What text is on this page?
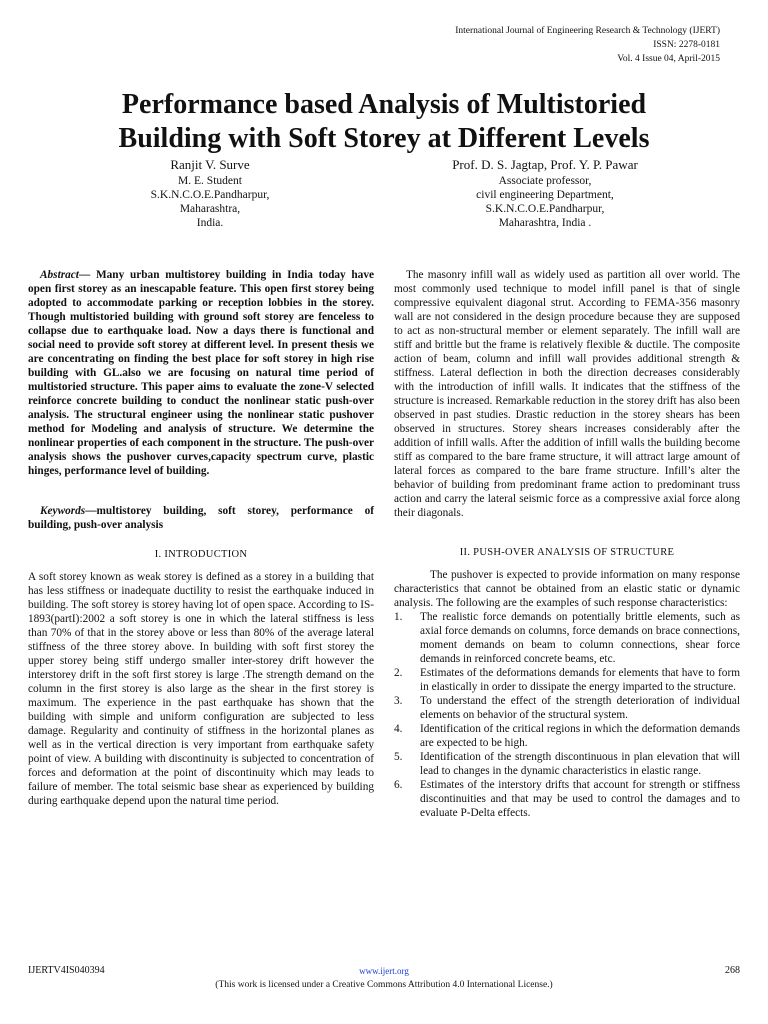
International Journal of Engineering Research & Technology (IJERT)
ISSN: 2278-0181
Vol. 4 Issue 04, April-2015
Performance based Analysis of Multistoried
Building with Soft Storey at Different Levels
Ranjit V. Surve
M. E. Student
S.K.N.C.O.E.Pandharpur,
Maharashtra,
India.
Prof. D. S. Jagtap, Prof. Y. P. Pawar
Associate professor,
civil engineering Department,
S.K.N.C.O.E.Pandharpur,
Maharashtra, India .

Abstract— Many urban multistorey building in India today have open first storey as an inescapable feature. This open first storey being adopted to accommodate parking or reception lobbies in the storey. Though multistoried building with ground soft storey are fenceless to collapse due to earthquake load. Now a days there is functional and social need to provide soft storey at different level. In present thesis we are concentrating on finding the best place for soft storey in high rise building with GL.also we are focusing on natural time period of multistoried structure. This paper aims to evaluate the zone-V selected reinforce concrete building to conduct the nonlinear static push-over analysis. The structural engineer using the nonlinear static pushover method for Modeling and analysis of structure. We determine the nonlinear properties of each component in the structure. The push-over analysis shows the pushover curves,capacity spectrum curve, plastic hinges, performance level of building.

Keywords—multistorey building, soft storey, performance of building, push-over analysis

I. INTRODUCTION

A soft storey known as weak storey is defined as a storey in a building that has less stiffness or inadequate ductility to resist the earthquake induced in building. The soft storey is storey having lot of open space. According to IS-1893(partI):2002 a soft storey is one in which the lateral stiffness is less than 70% of that in the storey above or less than 80% of the average lateral stiffness of the three storey above. In building with soft first storey the upper storey being stiff undergo smaller inter-storey drift however the interstorey drift in the soft first storey is large .The strength demand on the column in the first storey is also large as the shear in the first storey is maximum. The experience in the past earthquake has shown that the building with simple and uniform configuration are subjected to less damage. Regularity and continuity of stiffness in the horizontal planes as well as in the vertical direction is very important from earthquake safety point of view. A building with discontinuity is subjected to concentration of forces and deformation at the point of discontinuity which may leads to failure of member. The total seismic base shear as experienced by building during earthquake depend upon the natural time period.

The masonry infill wall as widely used as partition all over world. The most commonly used technique to model infill panel is that of single compressive equivalent diagonal strut. According to FEMA-356 masonry wall are not considered in the design procedure because they are supposed to act as non-structural member or element separately. The infill wall are stiff and brittle but the frame is relatively flexible & ductile. The composite action of beam, column and infill wall provides additional strength & stiffness. Lateral deflection in both the direction decreases considerably with the introduction of infill walls. It indicates that the stiffness of the structure is increased. Remarkable reduction in the storey drift has also been observed in past studies. Drastic reduction in the storey shears has been observed in structures. Storey shears increases considerably after the addition of infill walls. After the addition of infill walls the building become stiff as compared to the bare frame structure, it will attract large amount of lateral forces as compared to the bare frame structure. Infill’s alter the behavior of building from predominant frame action to predominant truss action and carry the lateral seismic force as a compressive axial force along their diagonals.

II. PUSH-OVER ANALYSIS OF STRUCTURE

The pushover is expected to provide information on many response characteristics that cannot be obtained from an elastic static or dynamic analysis. The following are the examples of such response characteristics:

1. The realistic force demands on potentially brittle elements, such as axial force demands on columns, force demands on brace connections, moment demands on beam to column connections, shear force demands in reinforced concrete beams, etc.
2. Estimates of the deformations demands for elements that have to form in elastically in order to dissipate the energy imparted to the structure.
3. To understand the effect of the strength deterioration of individual elements on behavior of the structural system.
4. Identification of the critical regions in which the deformation demands are expected to be high.
5. Identification of the strength discontinuous in plan elevation that will lead to changes in the dynamic characteristics in elastic range.
6. Estimates of the interstory drifts that account for strength or stiffness discontinuities and that may be used to control the damages and to evaluate P-Delta effects.
IJERTV4IS040394	www.ijert.org	268
(This work is licensed under a Creative Commons Attribution 4.0 International License.)
